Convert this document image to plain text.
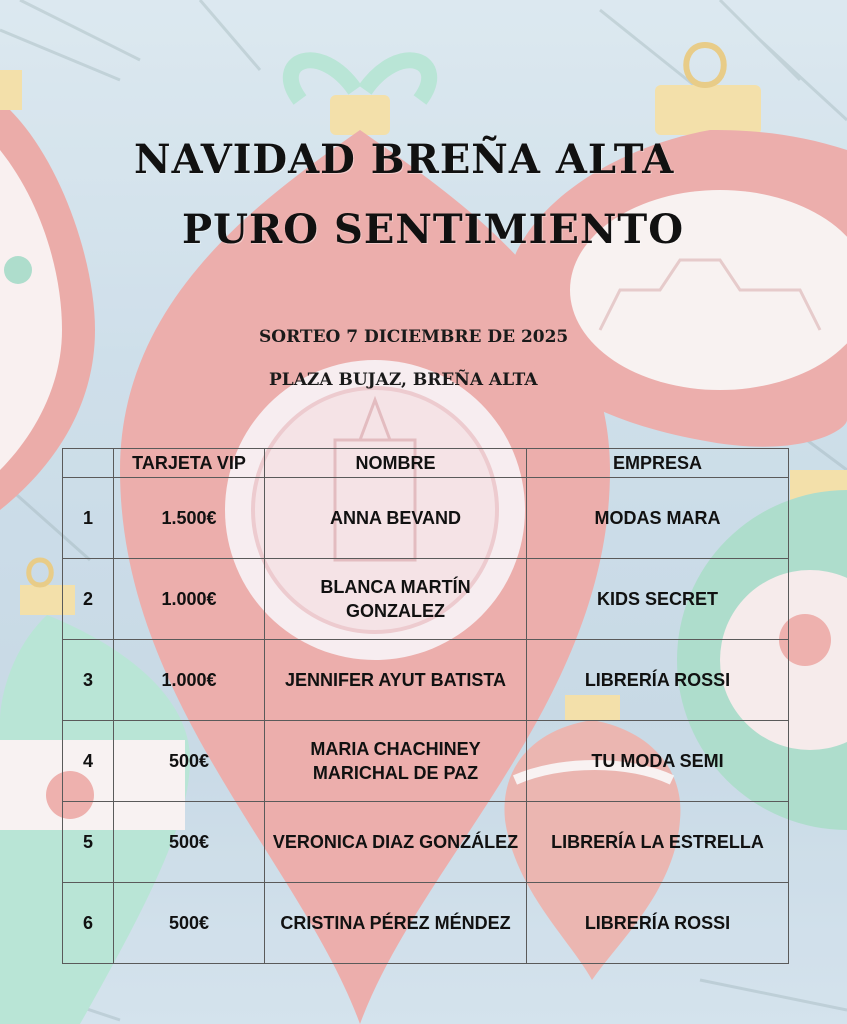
NAVIDAD BREÑA ALTA
PURO SENTIMIENTO

SORTEO 7 DICIEMBRE DE 2025

PLAZA BUJAZ, BREÑA ALTA

	TARJETA VIP	NOMBRE	EMPRESA
1	1.500€	ANNA BEVAND	MODAS MARA
2	1.000€	BLANCA MARTÍN GONZALEZ	KIDS SECRET
3	1.000€	JENNIFER AYUT BATISTA	LIBRERÍA ROSSI
4	500€	MARIA CHACHINEY MARICHAL DE PAZ	TU MODA SEMI
5	500€	VERONICA DIAZ GONZÁLEZ	LIBRERÍA LA ESTRELLA
6	500€	CRISTINA PÉREZ MÉNDEZ	LIBRERÍA ROSSI
